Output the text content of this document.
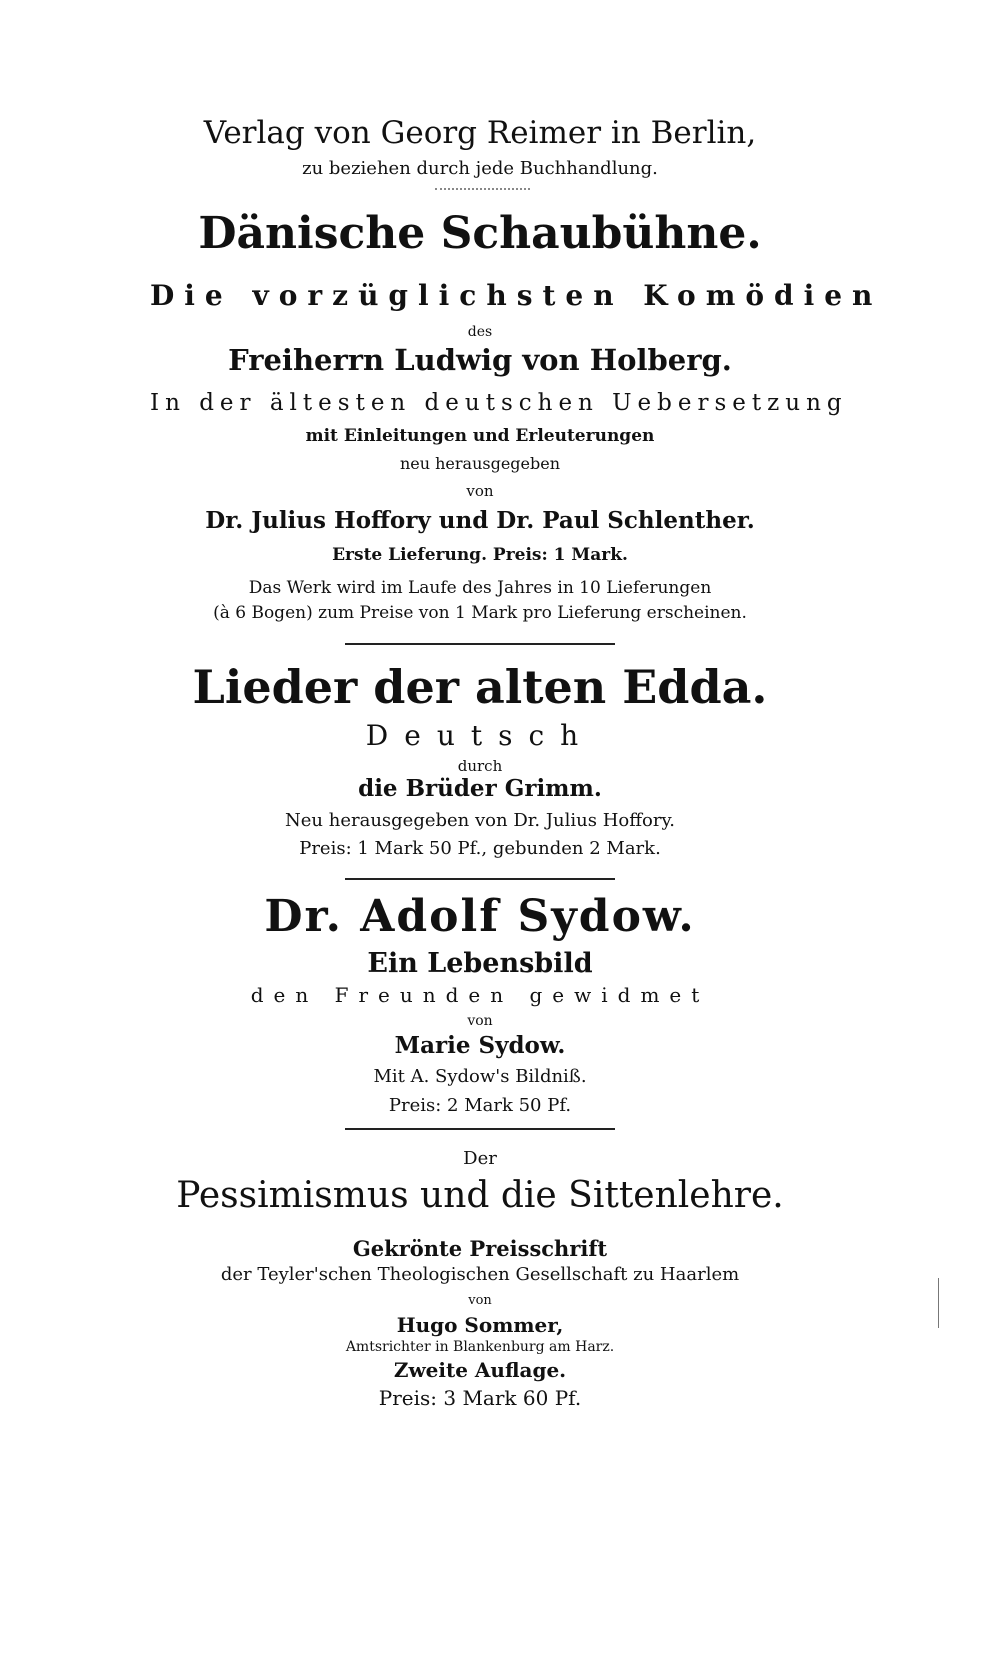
Verlag von Georg Reimer in Berlin,
zu beziehen durch jede Buchhandlung.
Dänische Schaubühne.
Die vorzüglichsten Komödien
des
Freiherrn Ludwig von Holberg.
In der ältesten deutschen Uebersetzung
mit Einleitungen und Erleuterungen
neu herausgegeben
von
Dr. Julius Hoffory und Dr. Paul Schlenther.
Erste Lieferung. Preis: 1 Mark.
Das Werk wird im Laufe des Jahres in 10 Lieferungen
(à 6 Bogen) zum Preise von 1 Mark pro Lieferung erscheinen.
Lieder der alten Edda.
Deutsch
durch
die Brüder Grimm.
Neu herausgegeben von Dr. Julius Hoffory.
Preis: 1 Mark 50 Pf., gebunden 2 Mark.
Dr. Adolf Sydow.
Ein Lebensbild
den Freunden gewidmet
von
Marie Sydow.
Mit A. Sydow's Bildniß.
Preis: 2 Mark 50 Pf.
Der
Pessimismus und die Sittenlehre.
Gekrönte Preisschrift
der Teyler'schen Theologischen Gesellschaft zu Haarlem
von
Hugo Sommer,
Amtsrichter in Blankenburg am Harz.
Zweite Auflage.
Preis: 3 Mark 60 Pf.
